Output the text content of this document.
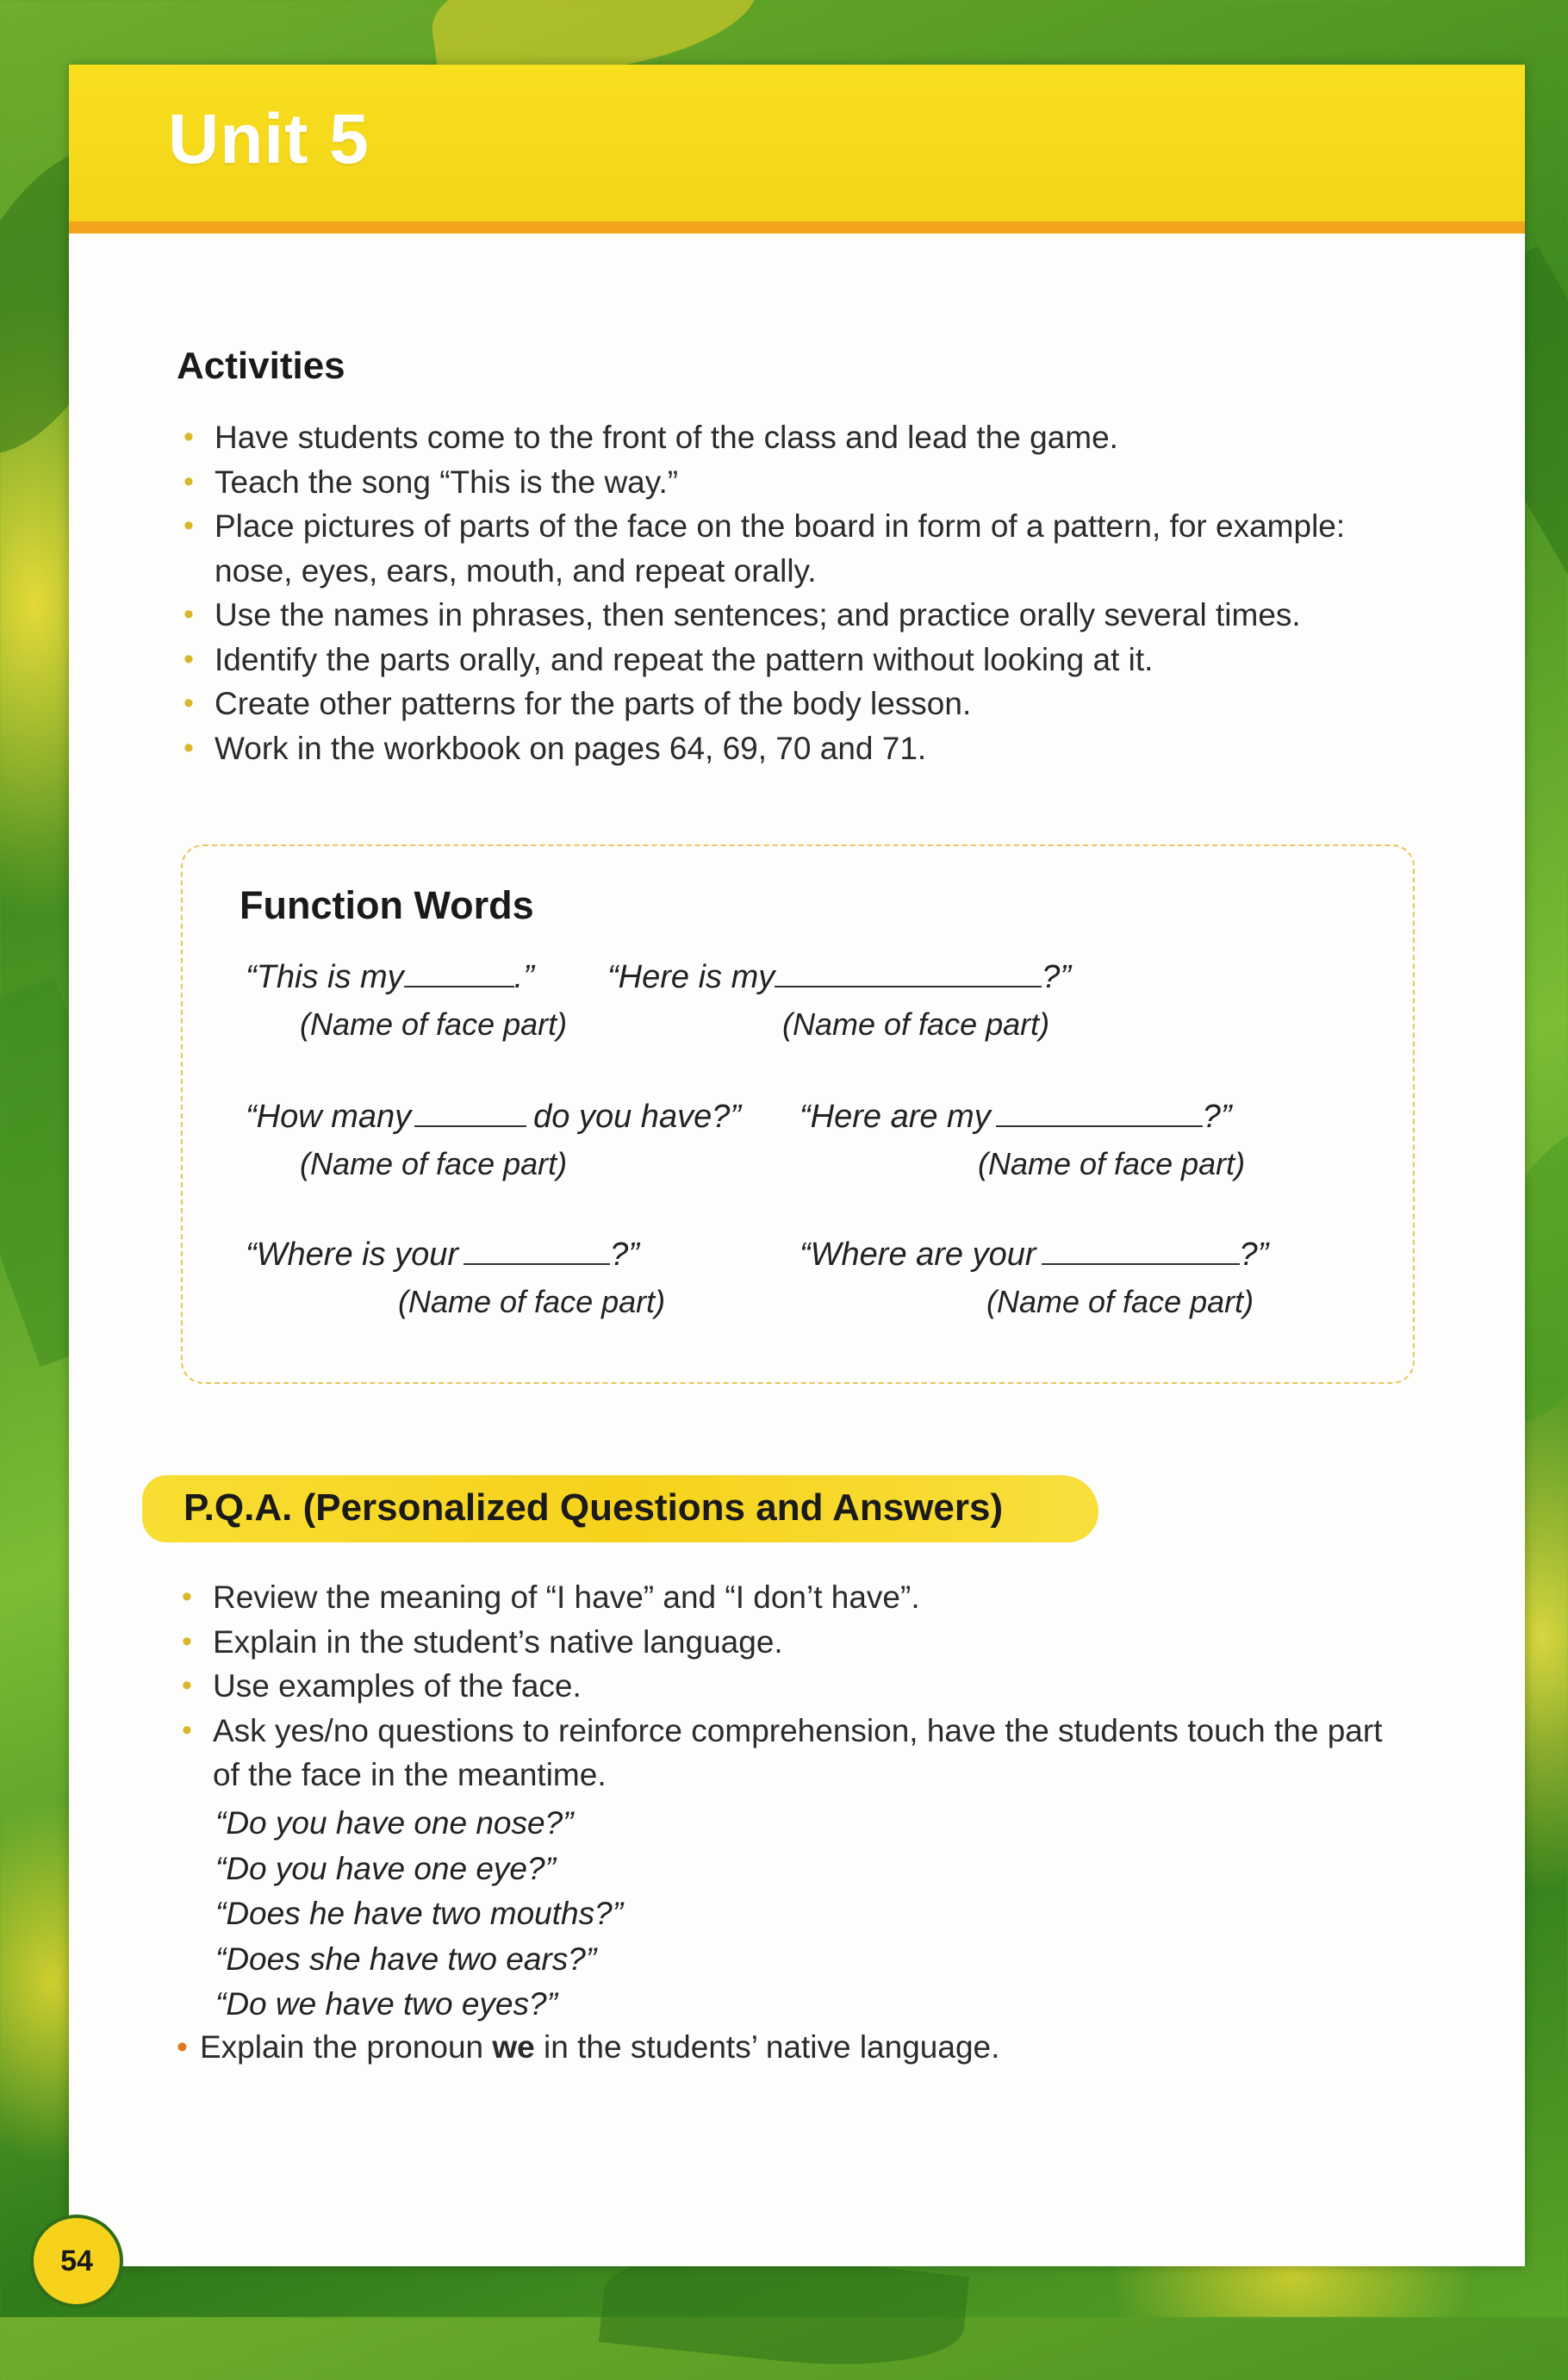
Unit 5
Activities
• Have students come to the front of the class and lead the game.
• Teach the song “This is the way.”
• Place pictures of parts of the face on the board in form of a pattern, for example:
nose, eyes, ears, mouth, and repeat orally.
• Use the names in phrases, then sentences; and practice orally several times.
• Identify the parts orally, and repeat the pattern without looking at it.
• Create other patterns for the parts of the body lesson.
• Work in the workbook on pages 64, 69, 70 and 71.
Function Words
“This is my	.”
(Name of face part)
“Here is my	?”
(Name of face part)
“How many	do you have?”
(Name of face part)
“Here are my	?”
(Name of face part)
“Where is your	?”
(Name of face part)
“Where are your	?”
(Name of face part)
P.Q.A. (Personalized Questions and Answers)
• Review the meaning of “I have” and “I don’t have”.
• Explain in the student’s native language.
• Use examples of the face.
• Ask yes/no questions to reinforce comprehension, have the students touch the part
of the face in the meantime.
“Do you have one nose?”
“Do you have one eye?”
“Does he have two mouths?”
“Does she have two ears?”
“Do we have two eyes?”
• Explain the pronoun we in the students’ native language.
54
